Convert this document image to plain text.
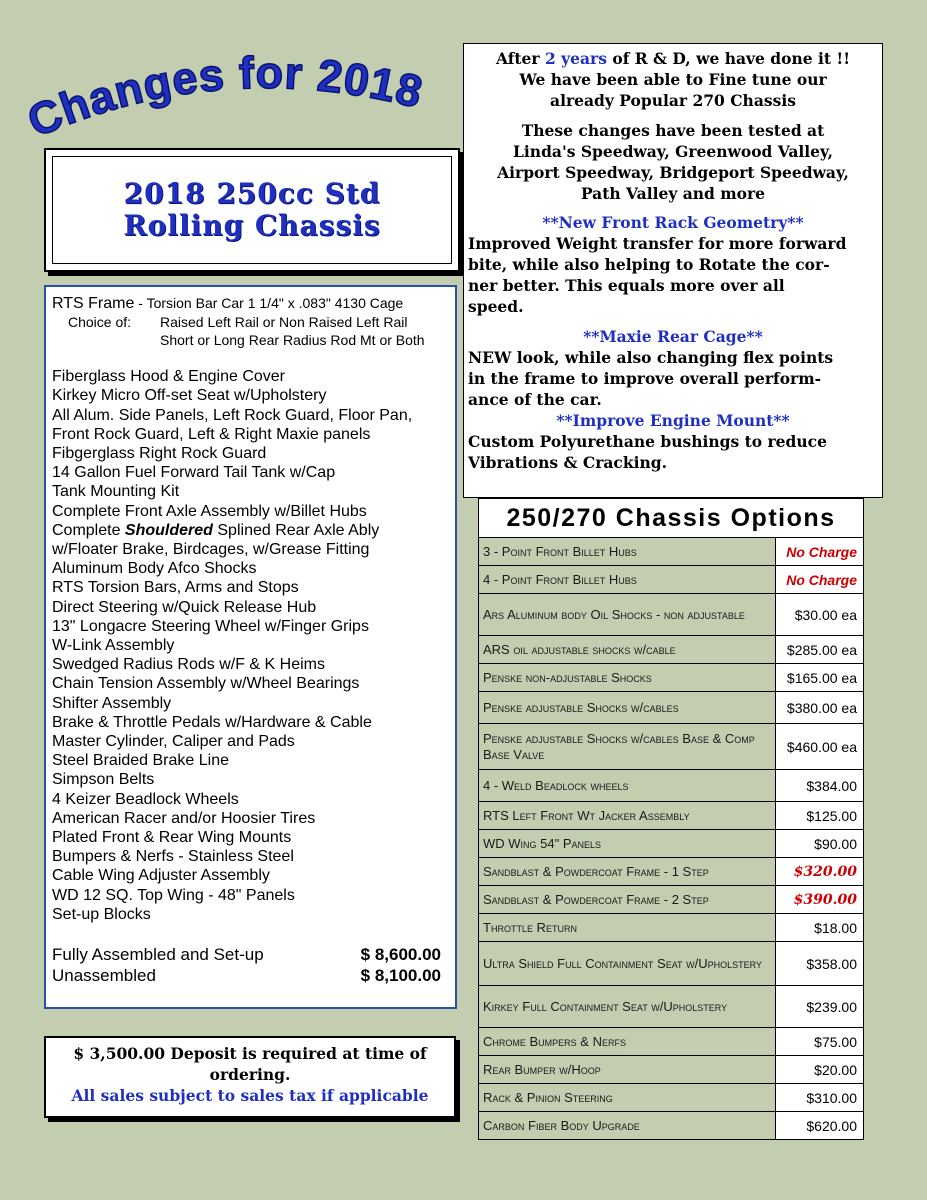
Changes for 2018
2018 250cc Std
Rolling Chassis
RTS Frame - Torsion Bar Car 1 1/4" x .083" 4130 Cage
Choice of:	Raised Left Rail or Non Raised Left Rail
Short or Long Rear Radius Rod Mt or Both
Fiberglass Hood & Engine Cover
Kirkey Micro Off-set Seat w/Upholstery
All Alum. Side Panels, Left Rock Guard, Floor Pan,
Front Rock Guard, Left & Right Maxie panels
Fibgerglass Right Rock Guard
14 Gallon Fuel Forward Tail Tank w/Cap
Tank Mounting Kit
Complete Front Axle Assembly w/Billet Hubs
Complete Shouldered Splined Rear Axle Ably
w/Floater Brake, Birdcages, w/Grease Fitting
Aluminum Body Afco Shocks
RTS Torsion Bars, Arms and Stops
Direct Steering w/Quick Release Hub
13" Longacre Steering Wheel w/Finger Grips
W-Link Assembly
Swedged Radius Rods w/F & K Heims
Chain Tension Assembly w/Wheel Bearings
Shifter Assembly
Brake & Throttle Pedals w/Hardware & Cable
Master Cylinder, Caliper and Pads
Steel Braided Brake Line
Simpson Belts
4 Keizer Beadlock Wheels
American Racer and/or Hoosier Tires
Plated Front & Rear Wing Mounts
Bumpers & Nerfs - Stainless Steel
Cable Wing Adjuster Assembly
WD 12 SQ. Top Wing - 48" Panels
Set-up Blocks
Fully Assembled and Set-up	$ 8,600.00
Unassembled	$ 8,100.00
$ 3,500.00 Deposit is required at time of
ordering.
All sales subject to sales tax if applicable
After 2 years of R & D, we have done it !!
We have been able to Fine tune our
already Popular 270 Chassis
These changes have been tested at
Linda's Speedway, Greenwood Valley,
Airport Speedway, Bridgeport Speedway,
Path Valley and more
**New Front Rack Geometry**
Improved Weight transfer for more forward
bite, while also helping to Rotate the cor-
ner better. This equals more over all
speed.
**Maxie Rear Cage**
NEW look, while also changing flex points
in the frame to improve overall perform-
ance of the car.
**Improve Engine Mount**
Custom Polyurethane bushings to reduce
Vibrations & Cracking.
250/270 Chassis Options	
3 - Point Front Billet Hubs	No Charge
4 - Point Front Billet Hubs	No Charge
Ars Aluminum body Oil Shocks - non adjustable	$30.00 ea
ARS oil adjustable shocks w/cable	$285.00 ea
Penske non-adjustable Shocks	$165.00 ea
Penske adjustable Shocks w/cables	$380.00 ea
Penske adjustable Shocks w/cables Base & Comp Base Valve	$460.00 ea
4 - Weld Beadlock wheels	$384.00
RTS Left Front Wt Jacker Assembly	$125.00
WD Wing 54" Panels	$90.00
Sandblast & Powdercoat Frame - 1 Step	$320.00
Sandblast & Powdercoat Frame - 2 Step	$390.00
Throttle Return	$18.00
Ultra Shield Full Containment Seat w/Upholstery	$358.00
Kirkey Full Containment Seat w/Upholstery	$239.00
Chrome Bumpers & Nerfs	$75.00
Rear Bumper w/Hoop	$20.00
Rack & Pinion Steering	$310.00
Carbon Fiber Body Upgrade	$620.00
